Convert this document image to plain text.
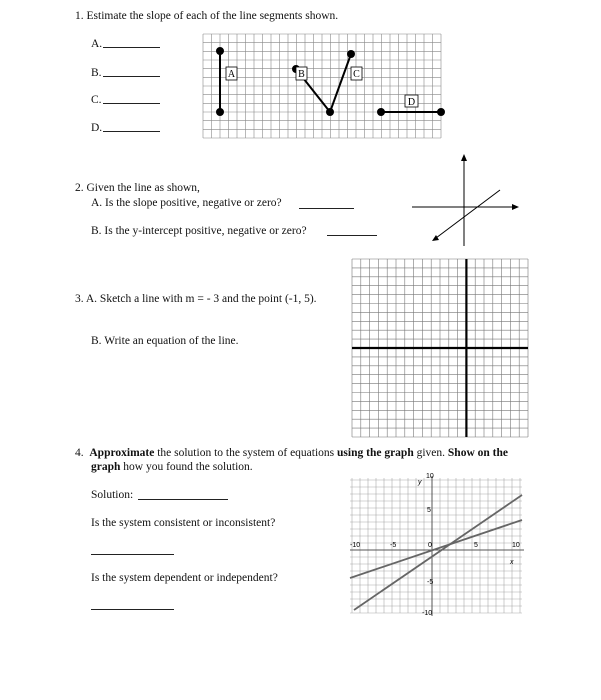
1. Estimate the slope of each of the line segments shown.
A.
B.
C.
D.
A	B	C
D
2. Given the line as shown,
A. Is the slope positive, negative or zero?
B. Is the y-intercept positive, negative or zero?
3. A. Sketch a line with m = - 3 and the point (-1, 5).
B. Write an equation of the line.
4. Approximate the solution to the system of equations using the graph given. Show on the
graph how you found the solution.
Solution:
Is the system consistent or inconsistent?
Is the system dependent or independent?
-10	-5	0	5	10
10
5
-5
-10
x
y
